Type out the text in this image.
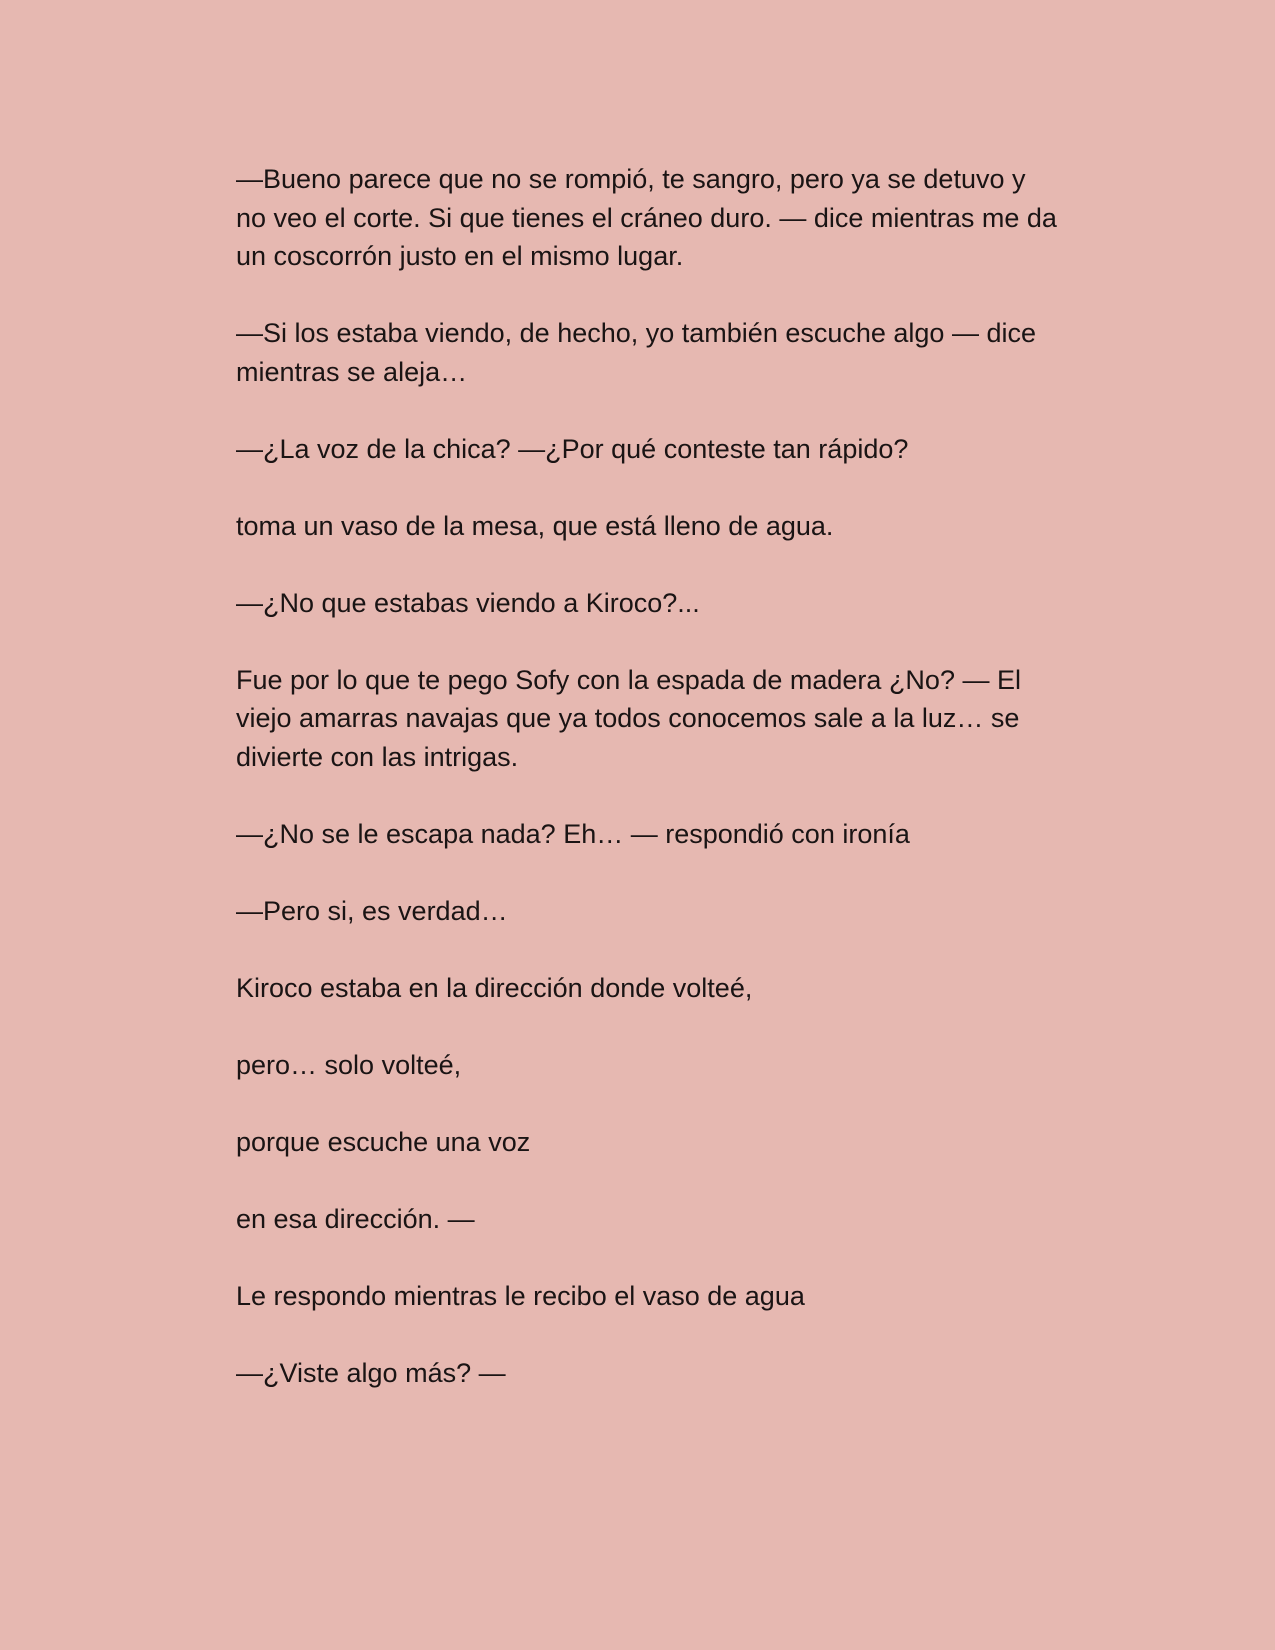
—Bueno parece que no se rompió, te sangro, pero ya se detuvo y
no veo el corte. Si que tienes el cráneo duro. — dice mientras me da
un coscorrón justo en el mismo lugar.

—Si los estaba viendo, de hecho, yo también escuche algo — dice
mientras se aleja…

—¿La voz de la chica? —¿Por qué conteste tan rápido?

toma un vaso de la mesa, que está lleno de agua.

—¿No que estabas viendo a Kiroco?...

Fue por lo que te pego Sofy con la espada de madera ¿No? — El
viejo amarras navajas que ya todos conocemos sale a la luz… se
divierte con las intrigas.

—¿No se le escapa nada? Eh… — respondió con ironía

—Pero si, es verdad…

Kiroco estaba en la dirección donde volteé,

pero… solo volteé,

porque escuche una voz

en esa dirección. —

Le respondo mientras le recibo el vaso de agua

—¿Viste algo más? —
